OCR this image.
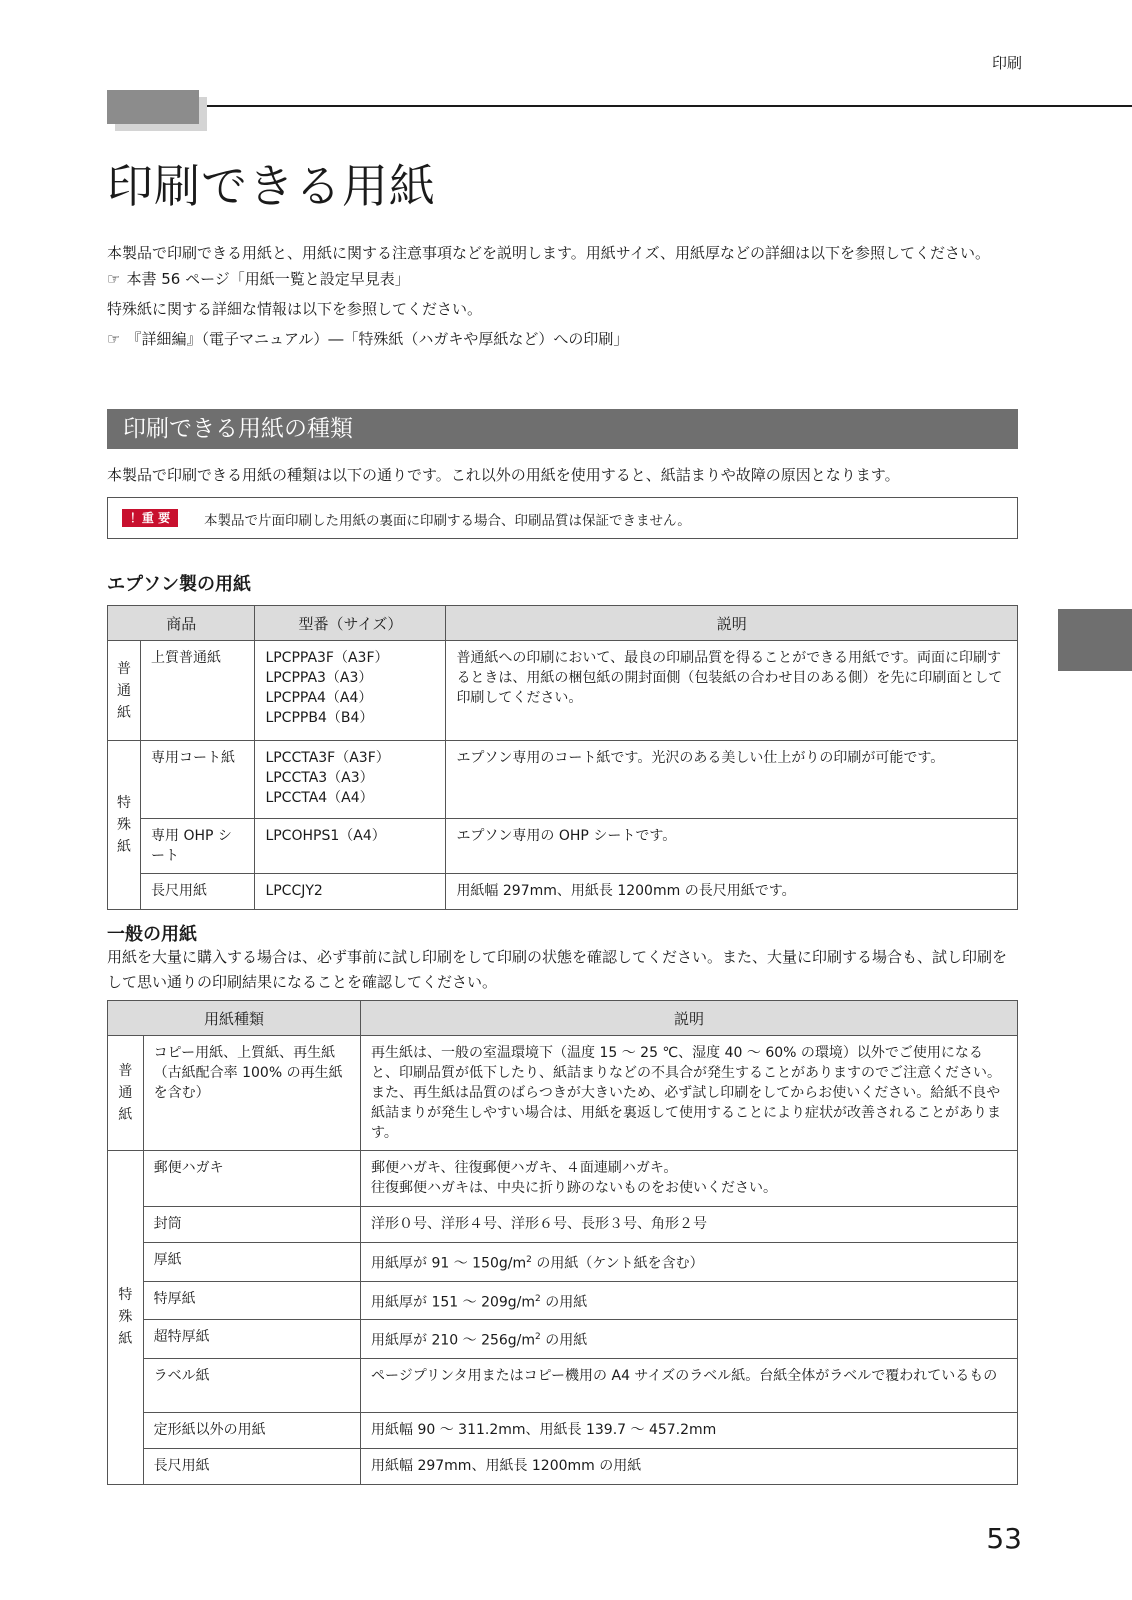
印刷
印刷できる用紙

本製品で印刷できる用紙と、用紙に関する注意事項などを説明します。用紙サイズ、用紙厚などの詳細は以下を参照してください。

☞ 本書 56 ページ「用紙一覧と設定早見表」

特殊紙に関する詳細な情報は以下を参照してください。

☞ 『詳細編』（電子マニュアル）―「特殊紙（ハガキや厚紙など）への印刷」

印刷できる用紙の種類
本製品で印刷できる用紙の種類は以下の通りです。これ以外の用紙を使用すると、紙詰まりや故障の原因となります。
！重 要	本製品で片面印刷した用紙の裏面に印刷する場合、印刷品質は保証できません。
エプソン製の用紙
商品		型番（サイズ）	説明

普
通
紙	上質普通紙	LPCPPA3F（A3F）
LPCPPA3（A3）
LPCPPA4（A4）
LPCPPB4（B4）	普通紙への印刷において、最良の印刷品質を得ることができる用紙です。両面に印刷するときは、用紙の梱包紙の開封面側（包装紙の合わせ目のある側）を先に印刷面として印刷してください。

特
殊
紙	専用コート紙	LPCCTA3F（A3F）
LPCCTA3（A3）
LPCCTA4（A4）	エプソン専用のコート紙です。光沢のある美しい仕上がりの印刷が可能です。
	専用 OHP シート	LPCOHPS1（A4）	エプソン専用の OHP シートです。
	長尺用紙	LPCCJY2	用紙幅 297mm、用紙長 1200mm の長尺用紙です。
一般の用紙
用紙を大量に購入する場合は、必ず事前に試し印刷をして印刷の状態を確認してください。また、大量に印刷する場合も、試し印刷をして思い通りの印刷結果になることを確認してください。
用紙種類		説明

普
通
紙	コピー用紙、上質紙、再生紙（古紙配合率 100% の再生紙を含む）	再生紙は、一般の室温環境下（温度 15 ～ 25 ℃、湿度 40 ～ 60% の環境）以外でご使用になると、印刷品質が低下したり、紙詰まりなどの不具合が発生することがありますのでご注意ください。また、再生紙は品質のばらつきが大きいため、必ず試し印刷をしてからお使いください。給紙不良や紙詰まりが発生しやすい場合は、用紙を裏返して使用することにより症状が改善されることがあります。

特
殊
紙	郵便ハガキ	郵便ハガキ、往復郵便ハガキ、４面連刷ハガキ。
往復郵便ハガキは、中央に折り跡のないものをお使いください。
	封筒	洋形０号、洋形４号、洋形６号、長形３号、角形２号
	厚紙	用紙厚が 91 ～ $150g/m^2$ の用紙（ケント紙を含む）
	特厚紙	用紙厚が 151 ～ $209g/m^2$ の用紙
	超特厚紙	用紙厚が 210 ～ $256g/m^2$ の用紙
	ラベル紙	ページプリンタ用またはコピー機用の A4 サイズのラベル紙。台紙全体がラベルで覆われているもの
	定形紙以外の用紙	用紙幅 90 ～ 311.2mm、用紙長 139.7 ～ 457.2mm
	長尺用紙	用紙幅 297mm、用紙長 1200mm の用紙
53
